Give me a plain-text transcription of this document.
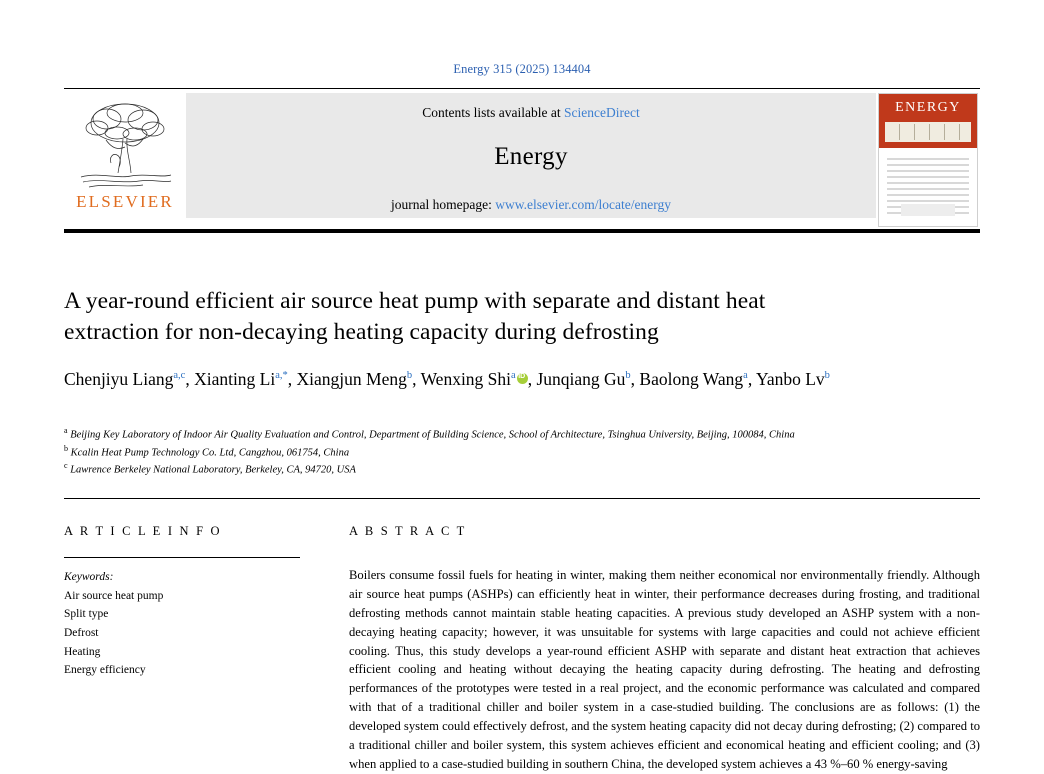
Energy 315 (2025) 134404
ELSEVIER
Contents lists available at ScienceDirect
Energy
journal homepage: www.elsevier.com/locate/energy
ENERGY
A year-round efficient air source heat pump with separate and distant heat extraction for non-decaying heating capacity during defrosting
Chenjiyu Liang$^{a,c}$, Xianting $Li^{a,*}$, Xiangjun Meng$^b$, Wenxing Shi$^a$ iD , Junqiang Gu$^b$, Baolong Wang$^a$, Yanbo Lv$^b$
$^a$ Beijing Key Laboratory of Indoor Air Quality Evaluation and Control, Department of Building Science, School of Architecture, Tsinghua University, Beijing, 100084, China
$^b$ Kcalin Heat Pump Technology Co. Ltd, Cangzhou, 061754, China
$^c$ Lawrence Berkeley National Laboratory, Berkeley, CA, 94720, USA
A R T I C L E I N F O
Keywords:
Air source heat pump
Split type
Defrost
Heating
Energy efficiency
A B S T R A C T
Boilers consume fossil fuels for heating in winter, making them neither economical nor environmentally friendly. Although air source heat pumps (ASHPs) can efficiently heat in winter, their performance decreases during frosting, and traditional defrosting methods cannot maintain stable heating capacities. A previous study developed an ASHP system with a non-decaying heating capacity; however, it was unsuitable for systems with large capacities and could not achieve efficient cooling. Thus, this study develops a year-round efficient ASHP with separate and distant heat extraction that achieves efficient cooling and heating without decaying the heating capacity during defrosting. The heating and defrosting performances of the prototypes were tested in a real project, and the economic performance was calculated and compared with that of a traditional chiller and boiler system in a case-studied building. The conclusions are as follows: (1) the developed system could effectively defrost, and the system heating capacity did not decay during defrosting; (2) compared to a traditional chiller and boiler system, this system achieves efficient and economical heating and efficient cooling; and (3) when applied to a case-studied building in southern China, the developed system achieves a 43 %–60 % energy-saving
